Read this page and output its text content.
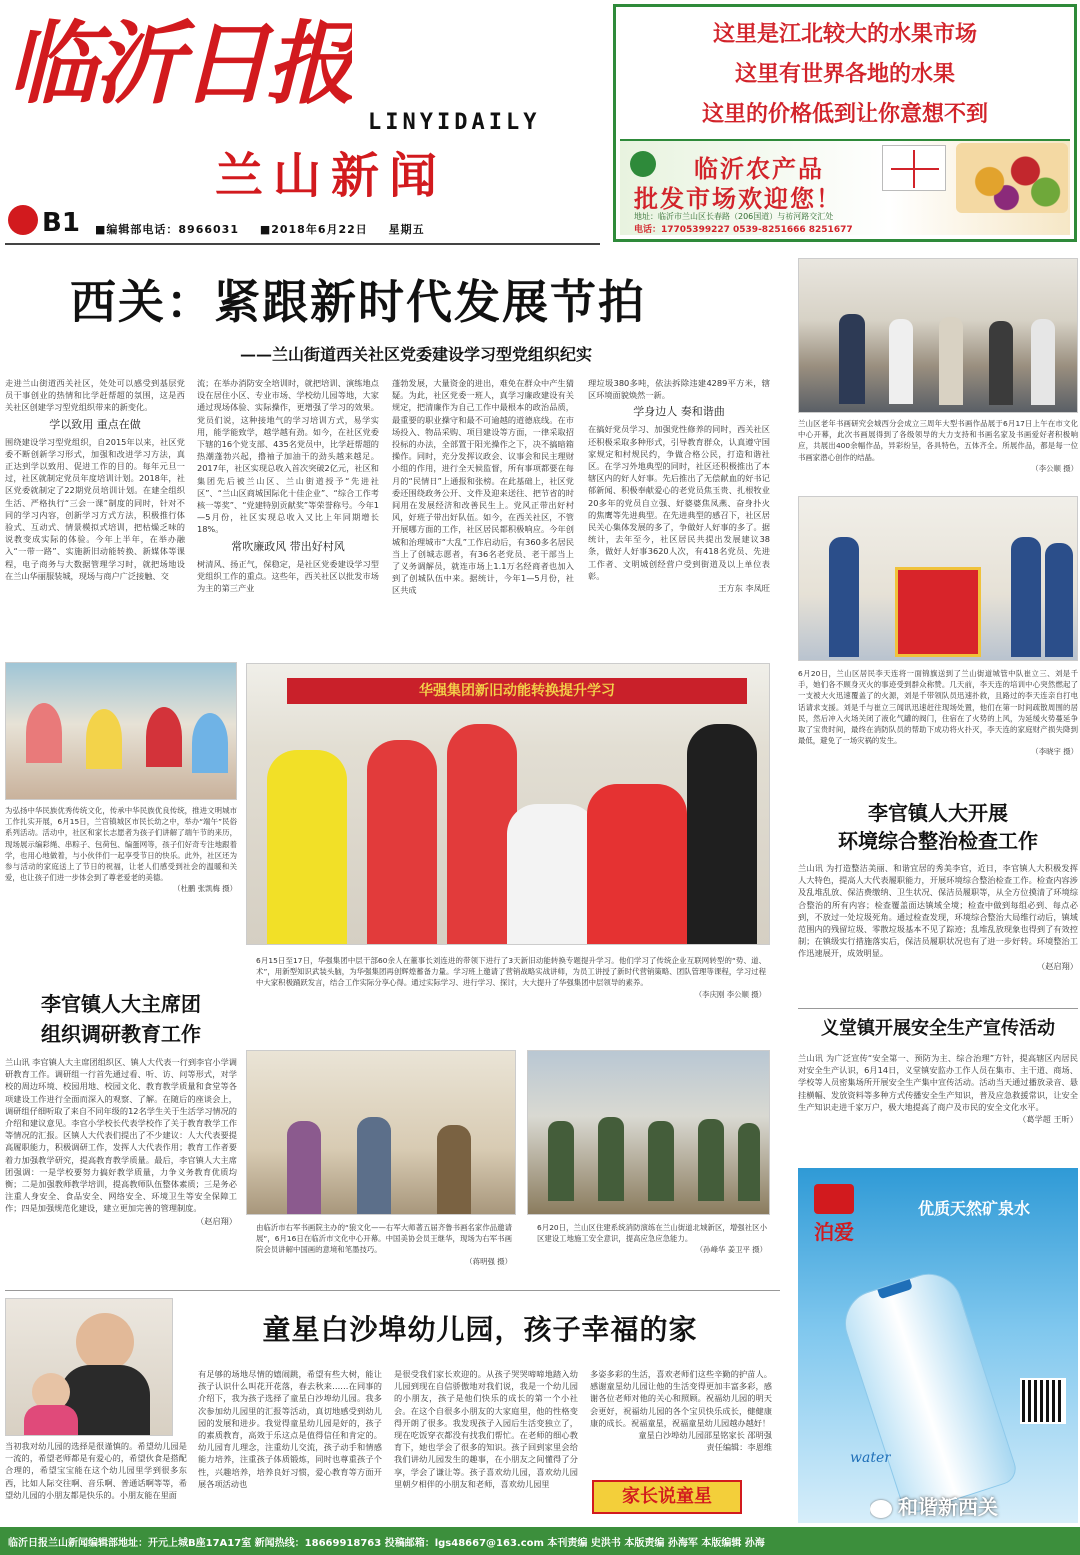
临沂日报
LINYIDAILY
兰山新闻
B1 ■编辑部电话：8966031 ■2018年6月22日 星期五
这里是江北较大的水果市场
这里有世界各地的水果
这里的价格低到让你意想不到
临沂农产品
批发市场欢迎您！
地址：临沂市兰山区长春路（206国道）与祊河路交汇处
电话：17705399227 0539-8251666 8251677
西关：紧跟新时代发展节拍
——兰山街道西关社区党委建设学习型党组织纪实

走进兰山街道西关社区，处处可以感受到基层党员干事创业的热情和比学赶帮超的氛围，这是西关社区创建学习型党组织带来的新变化。

学以致用 重点在做

围绕建设学习型党组织，自2015年以来，社区党委不断创新学习形式，加强和改进学习方法，真正达到学以致用、促进工作的目的。每年元旦一过，社区就制定党员年度培训计划。2018年，社区党委就制定了22期党员培训计划。在建全组织生活、严格执行“三会一课”制度的同时，针对不同的学习内容，创新学习方式方法，积极推行体验式、互动式、情景模拟式培训，把枯燥乏味的说教变成实际的体验。今年上半年，在举办融入“一带一路”、实施新旧动能转换、新媒体等课程，电子商务与大数据管理学习时，就把场地设在兰山华丽服装城，现场与商户广泛接触、交

流；在举办消防安全培训时，就把培训、演练地点设在居住小区、专业市场、学校幼儿园等地，大家通过现场体验、实际操作，更增强了学习的效果。党员们说，这种接地气的学习培训方式，易学实用，能学能致学，越学越有劲。如今，在社区党委下辖的16个党支部、435名党员中，比学赶帮超的热潮蓬勃兴起，撸袖子加油干的劲头越来越足。2017年，社区实现总收入首次突破2亿元，社区和集团先后被兰山区、兰山街道授予“先进社区”、“兰山区商城国际化十佳企业”、“综合工作考核一等奖”、“党建特别贡献奖”等荣誉称号。今年1—5月份，社区实现总收入又比上年同期增长18%。

常吹廉政风 带出好村风

树清风、扬正气，保稳定，是社区党委建设学习型党组织工作的重点。这些年，西关社区以批发市场为主的第三产业

蓬勃发展，大量资金的进出，难免在群众中产生猜疑。为此，社区党委一班人，真学习廉政建设有关规定，把清廉作为自己工作中最根本的政治品质，最重要的职业操守和最不可逾越的道德底线。在市场投入、物品采购、项目建设等方面，一律采取招投标的办法，全部置于阳光操作之下，决不搞暗箱操作。同时，充分发挥议政会、议事会和民主理财小组的作用，进行全天候监督，所有事项都要在每月的“民情日”上通报和张榜。在此基础上，社区党委还围绕政务公开、文件及迎来送往、把节省的时间用在发展经济和改善民生上。党风正带出好村风，好班子带出好队伍。如今，在西关社区，不管开展哪方面的工作，社区居民都积极响应。今年创城和治理城市“大乱”工作启动后，有360多名居民当上了创城志愿者，有36名老党员、老干部当上了义务调解员，就连市场上1.1万名经商者也加入到了创城队伍中来。据统计，今年1—5月份，社区共成

理垃圾380多吨，依法拆除违建4289平方米，辖区环境面貌焕然一新。

学身边人 奏和谐曲

在搞好党员学习、加强党性修养的同时，西关社区还积极采取多种形式，引导教育群众，认真遵守国家规定和村规民约，争做合格公民，打造和谐社区。在学习外地典型的同时，社区还积极推出了本辖区内的好人好事。先后推出了无偿献血的好书记郁新闻、积极奉献爱心的老党员焦玉贵、扎根牧业20多年的党员自立强、好婆婆焦凤燕、奋身扑火的焦鹰等先进典型。在先进典型的感召下，社区居民关心集体发展的多了，争做好人好事的多了。据统计，去年至今，社区居民共提出发展建议38条，做好人好事3620人次，有418名党员、先进工作者、文明城创经营户受到街道及以上单位表彰。

王方东 李凤旺

兰山区老年书画研究会城西分会成立三周年大型书画作品展于6月17日上午在市文化中心开幕，此次书画展得到了各级领导的大力支持和书画名家及书画爱好者积极响应，共展出400余幅作品，异彩纷呈，各具特色，五体齐全。所展作品，都是每一位书画家潜心创作的结晶。

（李公顺 摄）

6月20日，兰山区居民李天连将一面锦旗送到了兰山街道城管中队崔立三、刘是千手，她们各不顾身灭火的事迹受到群众称赞。几天前，李天连的培训中心突然燃起了一支被大火迅速覆盖了的火源，刘是千带领队员迅速扑救，且路过的李天连亲自打电话请求支援。刘是千与崔立三闻讯迅速赶往现场处置，他们在第一时间疏散周围的居民，然后冲入火场关闭了液化气罐的阀门，住宿在了火势的上风，为延缓火势蔓延争取了宝贵时间，最终在消防队员的帮助下成功将火扑灭，李天连的家庭财产损失降到最低，避免了一场灾祸的发生。

（李晓宇 摄）

李官镇人大开展
环境综合整治检查工作

兰山讯 为打造整洁美丽、和谐宜居的秀美李官，近日，李官镇人大积极发挥人大特色，提高人大代表履职能力，开展环境综合整治检查工作。检查内容涉及乱堆乱放、保洁费缴纳、卫生状况、保洁员履职等，从全方位摸清了环境综合整治的所有内容；检查覆盖面达镇域全境；检查中做到每组必到、每点必到，不放过一处垃圾死角。通过检查发现，环境综合整治大局维行动后，镇域范围内的残留垃圾、零散垃圾基本不见了踪迹；乱堆乱放现象也得到了有效控制；在镇级实行措施落实后，保洁员履职状况也有了进一步好转。环境整治工作迅速展开，成效明显。

（赵启翔）

义堂镇开展安全生产宣传活动

兰山讯 为广泛宣传“安全第一、预防为主、综合治理”方针，提高辖区内居民对安全生产认识，6月14日，义堂镇安监办工作人员在集市、主干道、商场、学校等人员密集场所开展安全生产集中宣传活动。活动当天通过播放录音、悬挂横幅、发放资料等多种方式传播安全生产知识，普及应急救援常识，让安全生产知识走进千家万户，极大地提高了商户及市民的安全文化水平。

（葛学超 王昕）

泊爱
优质天然矿泉水
water

为弘扬中华民族优秀传统文化，传承中华民族优良传统，推进文明城市工作扎实开展，6月15日，兰官镇城区市民长幼之中，举办“端午”民俗系列活动。活动中，社区和家长志愿者为孩子们讲解了端午节的来历，现场展示编彩绳、串粽子、包荷包、编蛋网等，孩子们好奇专注地跟着学，也用心地做着，与小伙伴们一起享受节日的快乐。此外，社区还为参与活动的家庭送上了节日的祝福，让老人们感受到社会的温暖和关爱，也让孩子们进一步体会到了尊老爱老的美德。

（杜鹏 张凯梅 摄）

华强集团新旧动能转换提升学习

6月15日至17日，华强集团中层干部60余人在董事长刘连进的带领下进行了3天新旧动能转换专题提升学习。他们学习了传统企业互联网转型的“势、道、术”，用新型知识武装头脑，为华强集团再创辉煌蓄备力量。学习班上邀请了营销战略实战讲师，为员工讲授了新时代营销策略、团队管理等课程，学习过程中大家积极踊跃发言，结合工作实际分享心得。通过实际学习、进行学习、探讨，大大提升了华强集团中层领导的素养。

（李庆刚 李公顺 摄）

李官镇人大主席团
组织调研教育工作

兰山讯 李官镇人大主席团组织区、镇人大代表一行到李官小学调研教育工作。调研组一行首先通过看、听、访、问等形式，对学校的周边环境、校园用地、校园文化、教育教学质量和食堂等各项建设工作进行全面而深入的观察、了解。在随后的座谈会上，调研组仔细听取了来自不同年级的12名学生关于生活学习情况的介绍和建议意见。李官小学校长代表学校作了关于教育教学工作等情况的汇报。区镇人大代表们提出了不少建议：人大代表要提高履职能力，积极调研工作，发挥人大代表作用；教育工作者要着力加强教学研究，提高教育教学质量。最后，李官镇人大主席团强调：一是学校要努力搞好教学质量，力争义务教育优质均衡；二是加强教师教学培训，提高教师队伍整体素质；三是务必注重人身安全、食品安全、网络安全、环境卫生等安全保障工作；四是加强规范化建设，建立更加完善的管理制度。

（赵启翔）

由临沂市右军书画院主办的“狼文化——右军大师著五届齐鲁书画名家作品邀请展”，6月16日在临沂市文化中心开幕。中国美协会员王继华，现场为右军书画院会员讲解中国画的意境和笔墨技巧。

（蒋明强 摄）

6月20日，兰山区住建系统消防演练在兰山街道北城新区，增强社区小区建设工地施工安全意识，提高应急应急能力。

（孙峰华 姜卫平 摄）

童星白沙埠幼儿园，孩子幸福的家

当初我对幼儿园的选择是很谨慎的。希望幼儿园是一流的，希望老师都是有爱心的，希望伙食是搭配合理的，希望宝宝能在这个幼儿园里学到很多东西，比如人际交往啊、音乐啊、普通话啊等等，希望幼儿园的小朋友都是快乐的。小朋友能在里面

有足够的场地尽情的嬉闹跳，希望有些大树，能让孩子认识什么叫花开花落，春去秋来……在同事的介绍下，我为孩子选择了童星白沙埠幼儿园。我多次参加幼儿园里的汇报等活动，真切地感受到幼儿园的发展和进步。我觉得童星幼儿园是好的，孩子的素质教育，高效于乐这点是值得信任和肯定的。幼儿园育儿理念，注重幼儿交流，孩子动手和情感能力培养，注重孩子体质锻炼，同时也尊重孩子个性，兴趣培养，培养良好习惯，爱心教育等方面开展各项活动也

是很受我们家长欢迎的。从孩子哭哭啼啼地踏入幼儿园到现在自信骄傲地对我们说，我是一个幼儿园的小朋友，孩子是他们快乐的成长的第一个小社会。在这个自很多小朋友的大家庭里，他的性格变得开朗了很多。我发现孩子入园后生活变独立了，现在吃饭穿衣都没有找我们帮忙。在老师的细心教育下，她也学会了很多的知识。孩子回到家里会给我们讲幼儿园发生的趣事，在小朋友之间懂得了分享，学会了谦让等。孩子喜欢幼儿园，喜欢幼儿园里朝夕相伴的小朋友和老师，喜欢幼儿园里

多姿多彩的生活，喜欢老师们这些辛勤的护苗人。感谢童星幼儿园让他的生活变得更加丰富多彩，感谢各位老师对他的关心和照顾。祝福幼儿园的明天会更好，祝福幼儿园的各个宝贝快乐成长，健健康康的成长。祝福童星，祝福童星幼儿园越办越好！

童星白沙埠幼儿园邵星铭家长 邵明强

责任编辑：李恩维

家长说童星	和谐新西关
临沂日报兰山新闻编辑部地址：开元上城B座17A17室 新闻热线：18669918763 投稿邮箱：lgs48667@163.com 本刊责编 史洪书 本版责编 孙海军 本版编辑 孙海
